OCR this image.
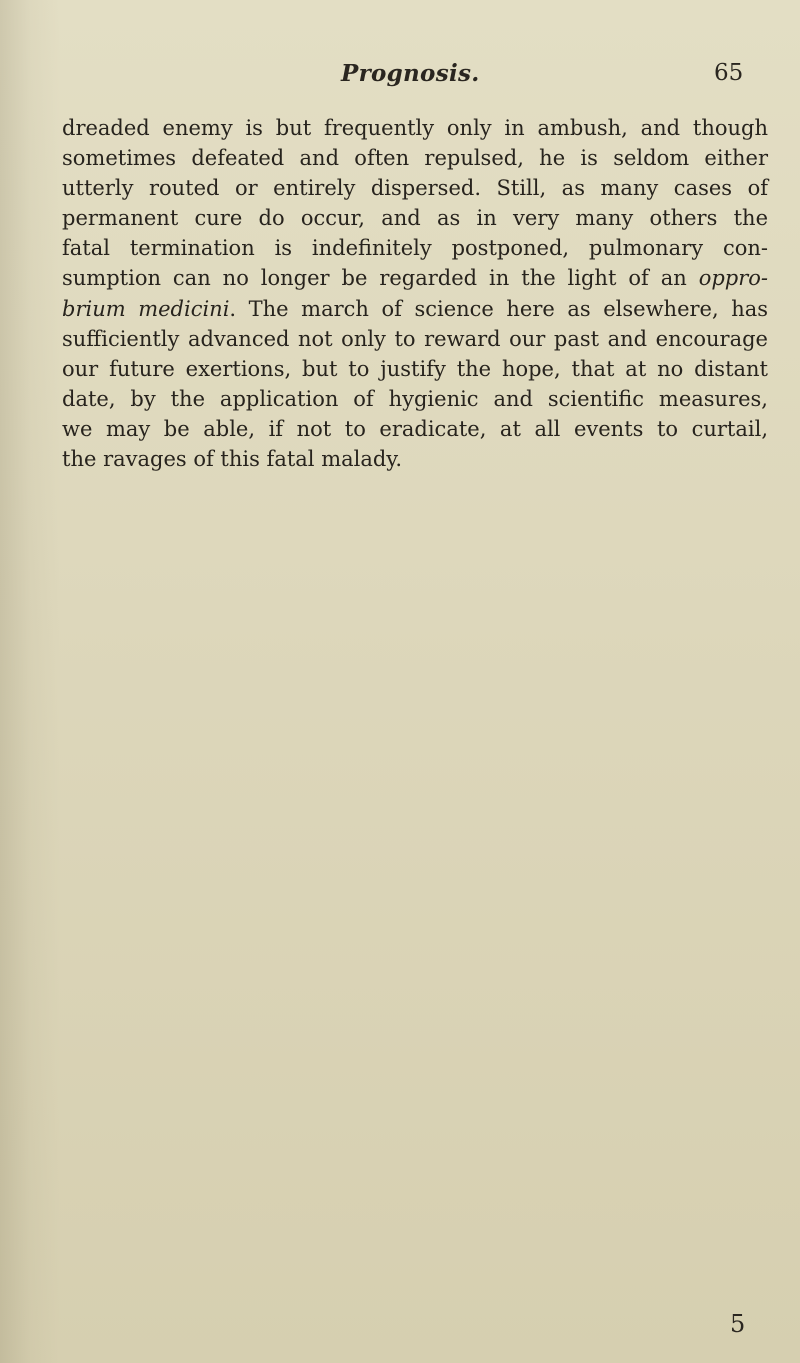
Prognosis.	65
dreaded enemy is but frequently only in ambush, and though
sometimes defeated and often repulsed, he is seldom either
utterly routed or entirely dispersed. Still, as many cases of
permanent cure do occur, and as in very many others the
fatal termination is indefinitely postponed, pulmonary con-
sumption can no longer be regarded in the light of an oppro-
brium medicini. The march of science here as elsewhere, has
sufficiently advanced not only to reward our past and encourage
our future exertions, but to justify the hope, that at no distant
date, by the application of hygienic and scientific measures,
we may be able, if not to eradicate, at all events to curtail,
the ravages of this fatal malady.
5
